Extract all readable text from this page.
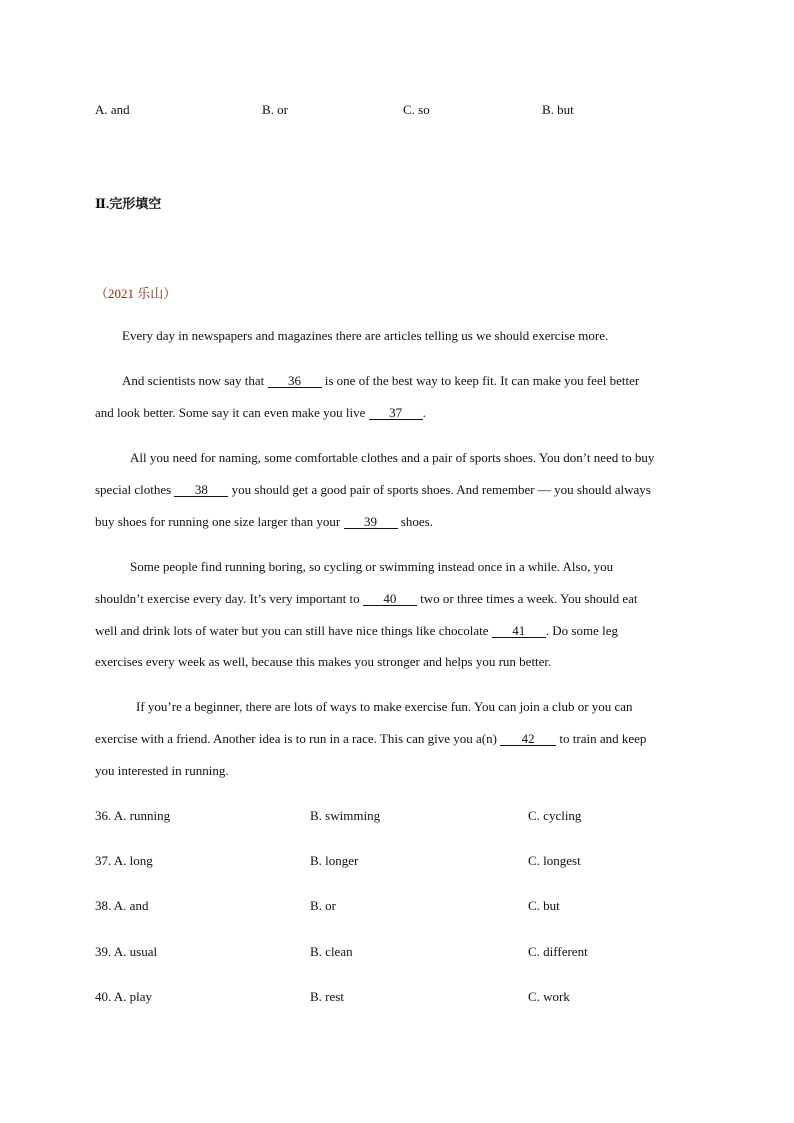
A. and	B. or	C. so	B. but
Ⅱ.完形填空
（2021 乐山）
Every day in newspapers and magazines there are articles telling us we should exercise more.
And scientists now say that 36 is one of the best way to keep fit. It can make you feel better
and look better. Some say it can even make you live 37 .
All you need for naming, some comfortable clothes and a pair of sports shoes. You don’t need to buy
special clothes 38 you should get a good pair of sports shoes. And remember — you should always
buy shoes for running one size larger than your 39 shoes.
Some people find running boring, so cycling or swimming instead once in a while. Also, you
shouldn’t exercise every day. It’s very important to 40 two or three times a week. You should eat
well and drink lots of water but you can still have nice things like chocolate 41 . Do some leg
exercises every week as well, because this makes you stronger and helps you run better.
If you’re a beginner, there are lots of ways to make exercise fun. You can join a club or you can
exercise with a friend. Another idea is to run in a race. This can give you a(n) 42 to train and keep
you interested in running.
36. A. running	B. swimming	C. cycling
37. A. long	B. longer	C. longest
38. A. and	B. or	C. but
39. A. usual	B. clean	C. different
40. A. play	B. rest	C. work
